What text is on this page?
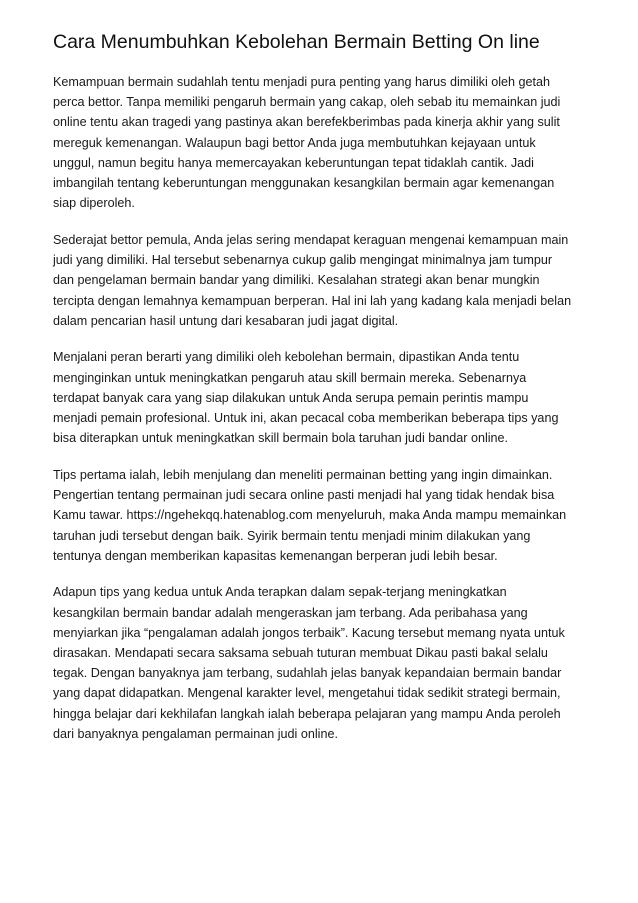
Cara Menumbuhkan Kebolehan Bermain Betting On line

Kemampuan bermain sudahlah tentu menjadi pura penting yang harus dimiliki oleh getah
perca bettor. Tanpa memiliki pengaruh bermain yang cakap, oleh sebab itu memainkan judi
online tentu akan tragedi yang pastinya akan berefekberimbas pada kinerja akhir yang sulit
mereguk kemenangan. Walaupun bagi bettor Anda juga membutuhkan kejayaan untuk
unggul, namun begitu hanya memercayakan keberuntungan tepat tidaklah cantik. Jadi
imbangilah tentang keberuntungan menggunakan kesangkilan bermain agar kemenangan
siap diperoleh.

Sederajat bettor pemula, Anda jelas sering mendapat keraguan mengenai kemampuan main
judi yang dimiliki. Hal tersebut sebenarnya cukup galib mengingat minimalnya jam tumpur
dan pengelaman bermain bandar yang dimiliki. Kesalahan strategi akan benar mungkin
tercipta dengan lemahnya kemampuan berperan. Hal ini lah yang kadang kala menjadi belan
dalam pencarian hasil untung dari kesabaran judi jagat digital.

Menjalani peran berarti yang dimiliki oleh kebolehan bermain, dipastikan Anda tentu
menginginkan untuk meningkatkan pengaruh atau skill bermain mereka. Sebenarnya
terdapat banyak cara yang siap dilakukan untuk Anda serupa pemain perintis mampu
menjadi pemain profesional. Untuk ini, akan pecacal coba memberikan beberapa tips yang
bisa diterapkan untuk meningkatkan skill bermain bola taruhan judi bandar online.

Tips pertama ialah, lebih menjulang dan meneliti permainan betting yang ingin dimainkan.
Pengertian tentang permainan judi secara online pasti menjadi hal yang tidak hendak bisa
Kamu tawar. https://ngehekqq.hatenablog.com menyeluruh, maka Anda mampu memainkan
taruhan judi tersebut dengan baik. Syirik bermain tentu menjadi minim dilakukan yang
tentunya dengan memberikan kapasitas kemenangan berperan judi lebih besar.

Adapun tips yang kedua untuk Anda terapkan dalam sepak-terjang meningkatkan
kesangkilan bermain bandar adalah mengeraskan jam terbang. Ada peribahasa yang
menyiarkan jika “pengalaman adalah jongos terbaik”. Kacung tersebut memang nyata untuk
dirasakan. Mendapati secara saksama sebuah tuturan membuat Dikau pasti bakal selalu
tegak. Dengan banyaknya jam terbang, sudahlah jelas banyak kepandaian bermain bandar
yang dapat didapatkan. Mengenal karakter level, mengetahui tidak sedikit strategi bermain,
hingga belajar dari kekhilafan langkah ialah beberapa pelajaran yang mampu Anda peroleh
dari banyaknya pengalaman permainan judi online.
